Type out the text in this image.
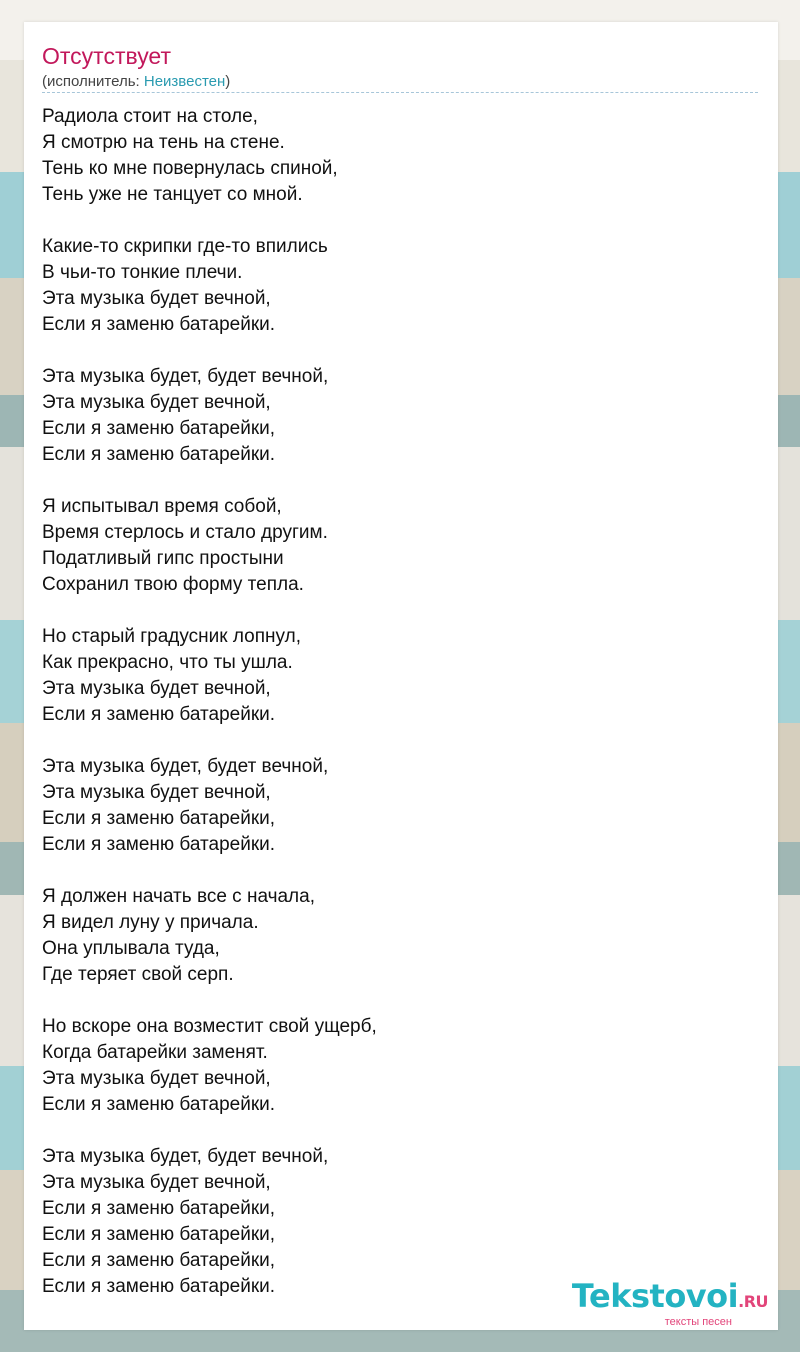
Отсутствует
(исполнитель: Неизвестен)
Радиола стоит на столе,
Я смотрю на тень на стене.
Тень ко мне повернулась спиной,
Тень уже не танцует со мной.
Какие-то скрипки где-то впились
В чьи-то тонкие плечи.
Эта музыка будет вечной,
Если я заменю батарейки.
Эта музыка будет, будет вечной,
Эта музыка будет вечной,
Если я заменю батарейки,
Если я заменю батарейки.
Я испытывал время собой,
Время стерлось и стало другим.
Податливый гипс простыни
Сохранил твою форму тепла.
Но старый градусник лопнул,
Как прекрасно, что ты ушла.
Эта музыка будет вечной,
Если я заменю батарейки.
Эта музыка будет, будет вечной,
Эта музыка будет вечной,
Если я заменю батарейки,
Если я заменю батарейки.
Я должен начать все с начала,
Я видел луну у причала.
Она уплывала туда,
Где теряет свой серп.
Но вскоре она возместит свой ущерб,
Когда батарейки заменят.
Эта музыка будет вечной,
Если я заменю батарейки.
Эта музыка будет, будет вечной,
Эта музыка будет вечной,
Если я заменю батарейки,
Если я заменю батарейки,
Если я заменю батарейки,
Если я заменю батарейки.	Tekstovoi.RU
тексты песен
